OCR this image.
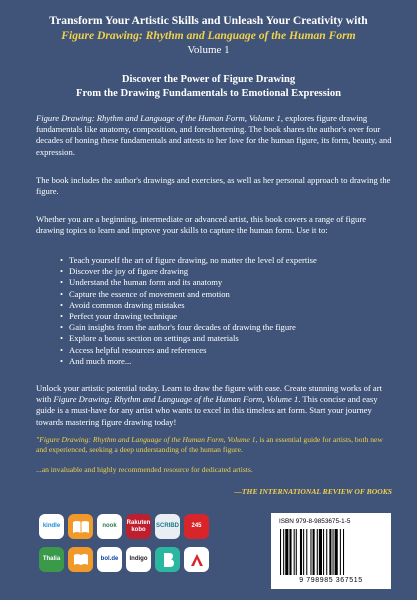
Transform Your Artistic Skills and Unleash Your Creativity with
Figure Drawing: Rhythm and Language of the Human Form
Volume 1
Discover the Power of Figure Drawing
From the Drawing Fundamentals to Emotional Expression
Figure Drawing: Rhythm and Language of the Human Form, Volume 1, explores figure drawing fundamentals like anatomy, composition, and foreshortening. The book shares the author's over four decades of honing these fundamentals and attests to her love for the human figure, its form, beauty, and expression.
The book includes the author's drawings and exercises, as well as her personal approach to drawing the figure.
Whether you are a beginning, intermediate or advanced artist, this book covers a range of figure drawing topics to learn and improve your skills to capture the human form. Use it to:
• Teach yourself the art of figure drawing, no matter the level of expertise
• Discover the joy of figure drawing
• Understand the human form and its anatomy
• Capture the essence of movement and emotion
• Avoid common drawing mistakes
• Perfect your drawing technique
• Gain insights from the author's four decades of drawing the figure
• Explore a bonus section on settings and materials
• Access helpful resources and references
• And much more...
Unlock your artistic potential today. Learn to draw the figure with ease. Create stunning works of art with Figure Drawing: Rhythm and Language of the Human Form, Volume 1. This concise and easy guide is a must-have for any artist who wants to excel in this timeless art form. Start your journey towards mastering figure drawing today!
"Figure Drawing: Rhythm and Language of the Human Form, Volume 1, is an essential guide for artists, both new and experienced, seeking a deep understanding of the human figure.
...an invaluable and highly recommended resource for dedicated artists.
—THE INTERNATIONAL REVIEW OF BOOKS
kindle	nook
Rakuten kobo
SCRIBD 245
Thalia	bol.de Indigo
ISBN 979-8-9853675-1-5
9 798985 367515
